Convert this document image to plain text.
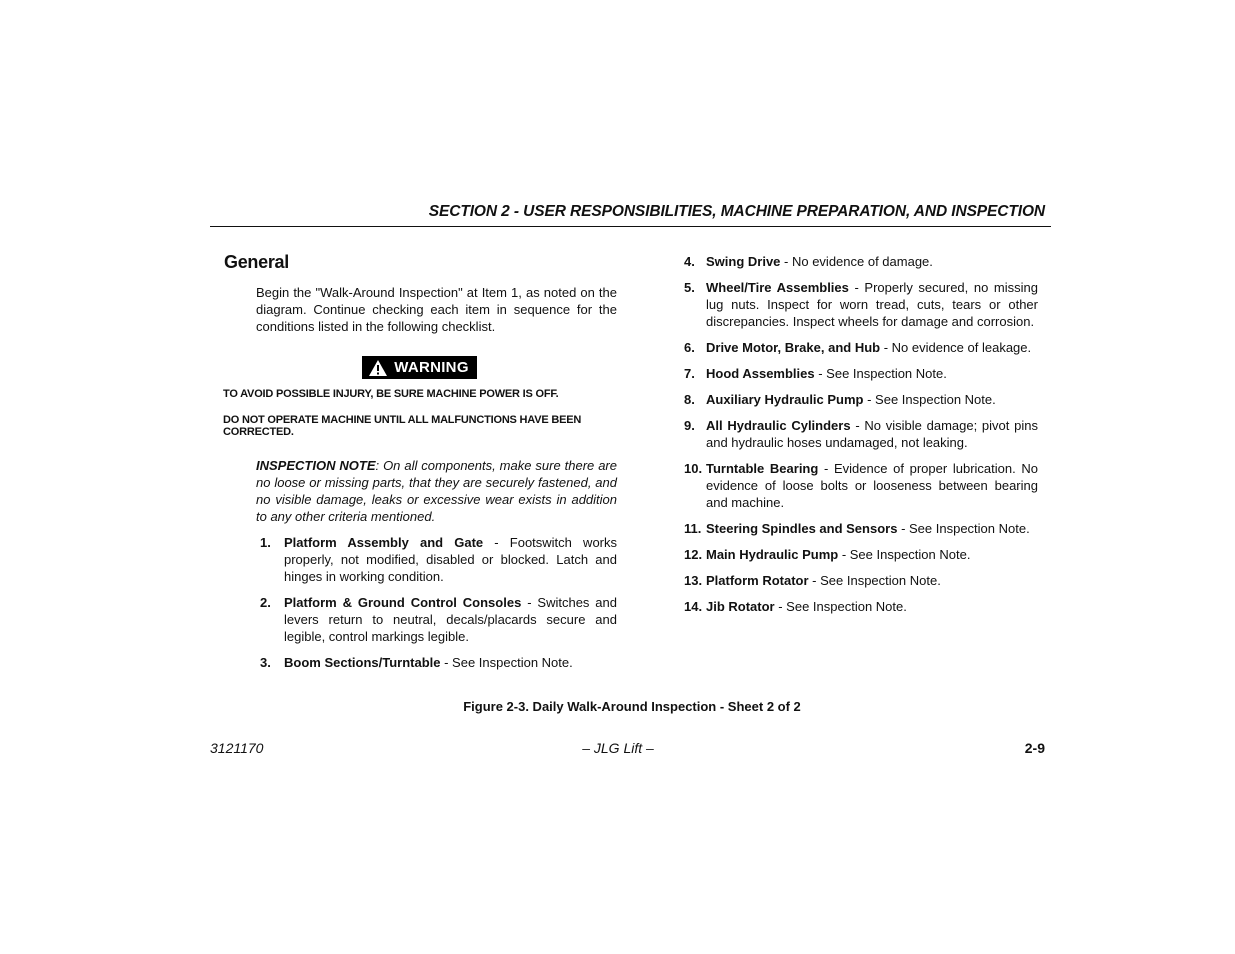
SECTION 2 - USER RESPONSIBILITIES, MACHINE PREPARATION, AND INSPECTION
General
Begin the "Walk-Around Inspection" at Item 1, as noted on the diagram. Continue checking each item in sequence for the conditions listed in the following checklist.
WARNING
TO AVOID POSSIBLE INJURY, BE SURE MACHINE POWER IS OFF.
DO NOT OPERATE MACHINE UNTIL ALL MALFUNCTIONS HAVE BEEN CORRECTED.
INSPECTION NOTE: On all components, make sure there are no loose or missing parts, that they are securely fastened, and no visible damage, leaks or excessive wear exists in addition to any other criteria mentioned.
1.	Platform Assembly and Gate - Footswitch works properly, not modified, disabled or blocked. Latch and hinges in working condition.
2.	Platform & Ground Control Consoles - Switches and levers return to neutral, decals/placards secure and legible, control markings legible.
3.	Boom Sections/Turntable - See Inspection Note.
4. Swing Drive - No evidence of damage.
5. Wheel/Tire Assemblies - Properly secured, no missing lug nuts. Inspect for worn tread, cuts, tears or other discrepancies. Inspect wheels for damage and corrosion.
6. Drive Motor, Brake, and Hub - No evidence of leakage.
7. Hood Assemblies - See Inspection Note.
8. Auxiliary Hydraulic Pump - See Inspection Note.
9. All Hydraulic Cylinders - No visible damage; pivot pins and hydraulic hoses undamaged, not leaking.
10. Turntable Bearing - Evidence of proper lubrication. No evidence of loose bolts or looseness between bearing and machine.
11. Steering Spindles and Sensors - See Inspection Note.
12. Main Hydraulic Pump - See Inspection Note.
13. Platform Rotator - See Inspection Note.
14. Jib Rotator - See Inspection Note.
Figure 2-3. Daily Walk-Around Inspection - Sheet 2 of 2
3121170	– JLG Lift –	2-9
